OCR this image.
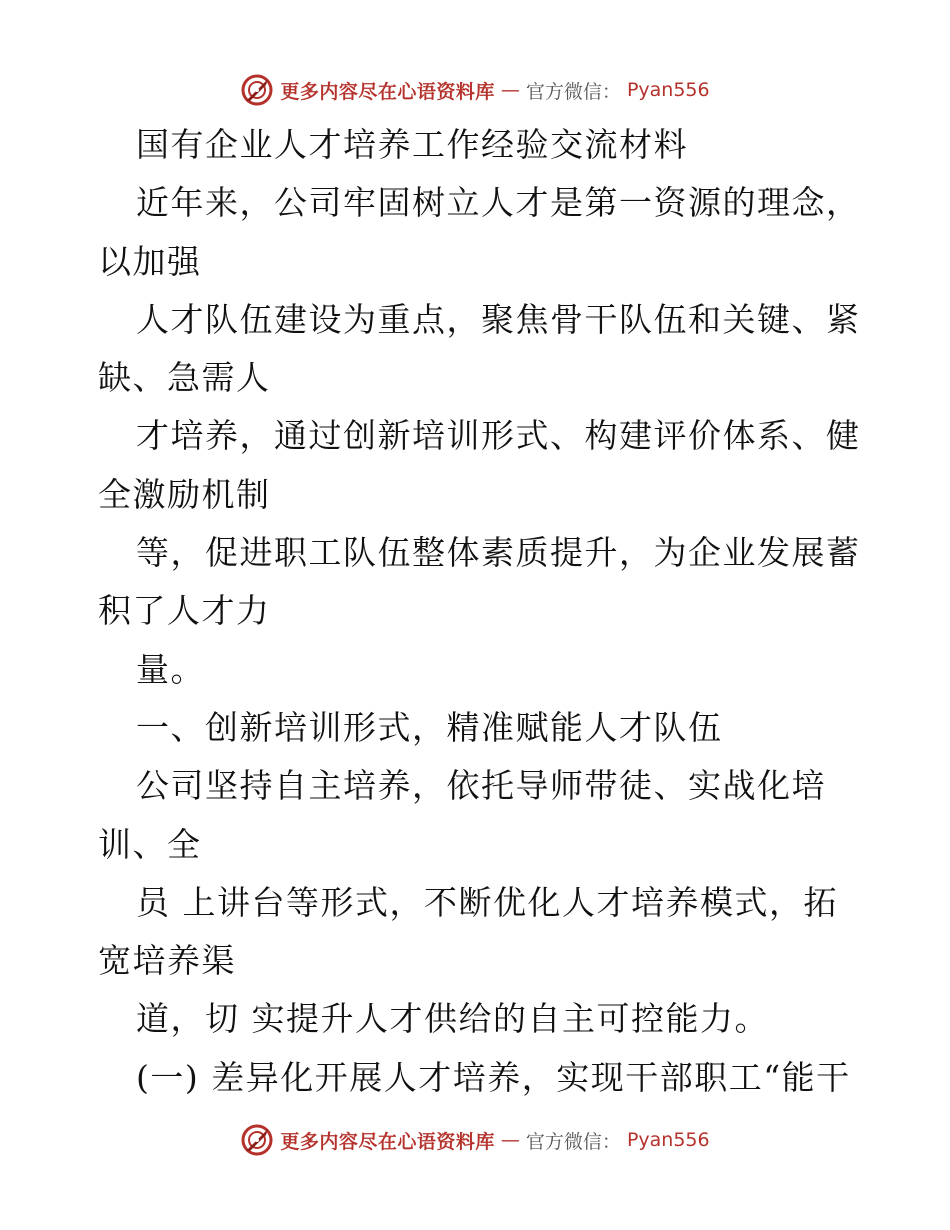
更多内容尽在心语资料库 — 官方微信： Pyan556
国有企业人才培养工作经验交流材料
近年来，公司牢固树立人才是第一资源的理念，
以加强
人才队伍建设为重点，聚焦骨干队伍和关键、紧
缺、急需人
才培养，通过创新培训形式、构建评价体系、健
全激励机制
等，促进职工队伍整体素质提升，为企业发展蓄
积了人才力
量。
一、创新培训形式，精准赋能人才队伍
公司坚持自主培养，依托导师带徒、实战化培
训、全
员 上讲台等形式，不断优化人才培养模式，拓
宽培养渠
道，切 实提升人才供给的自主可控能力。
(一) 差异化开展人才培养，实现干部职工“能干
更多内容尽在心语资料库 — 官方微信： Pyan556
